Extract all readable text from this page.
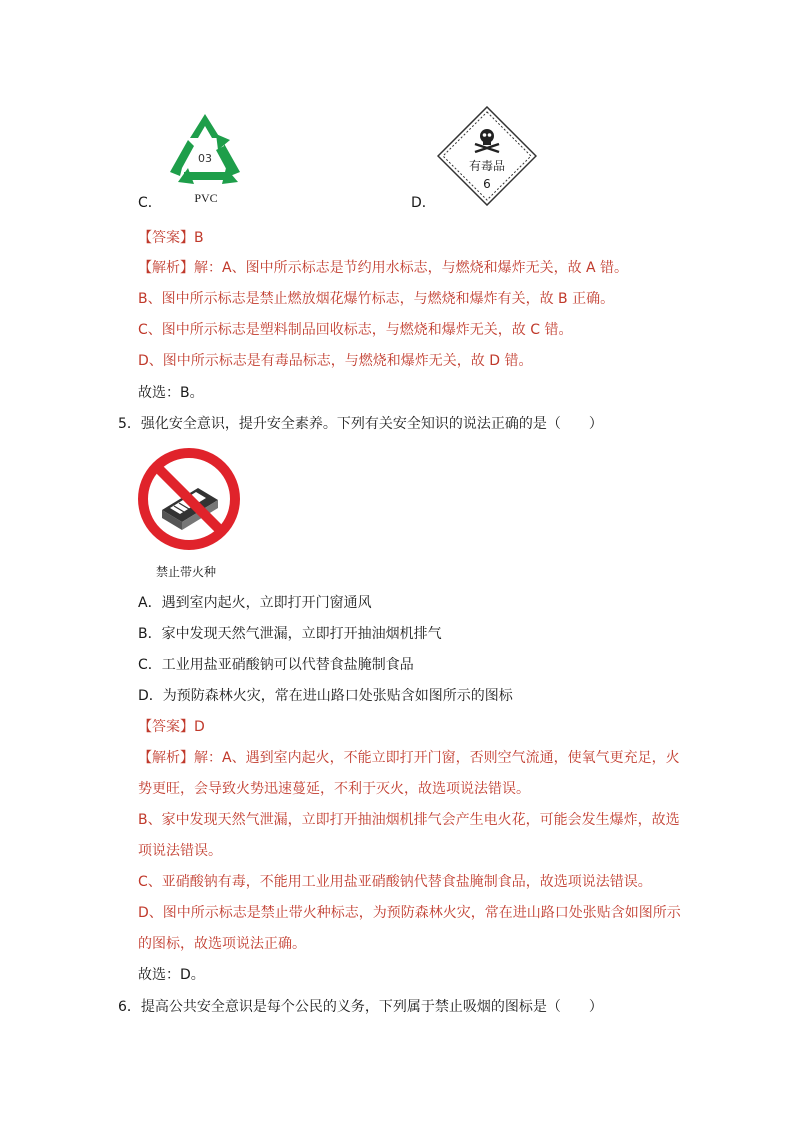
C．
03
PVC	D．
有毒品
6
【答案】B
【解析】解：A、图中所示标志是节约用水标志，与燃烧和爆炸无关，故 A 错。
B、图中所示标志是禁止燃放烟花爆竹标志，与燃烧和爆炸有关，故 B 正确。
C、图中所示标志是塑料制品回收标志，与燃烧和爆炸无关，故 C 错。
D、图中所示标志是有毒品标志，与燃烧和爆炸无关，故 D 错。
故选：B。
5．强化安全意识，提升安全素养。下列有关安全知识的说法正确的是（　　）
禁止带火种
A．遇到室内起火，立即打开门窗通风
B．家中发现天然气泄漏，立即打开抽油烟机排气
C．工业用盐亚硝酸钠可以代替食盐腌制食品
D．为预防森林火灾，常在进山路口处张贴含如图所示的图标
【答案】D
【解析】解：A、遇到室内起火，不能立即打开门窗，否则空气流通，使氧气更充足，火
势更旺，会导致火势迅速蔓延，不利于灭火，故选项说法错误。
B、家中发现天然气泄漏，立即打开抽油烟机排气会产生电火花，可能会发生爆炸，故选
项说法错误。
C、亚硝酸钠有毒，不能用工业用盐亚硝酸钠代替食盐腌制食品，故选项说法错误。
D、图中所示标志是禁止带火种标志，为预防森林火灾，常在进山路口处张贴含如图所示
的图标，故选项说法正确。
故选：D。
6．提高公共安全意识是每个公民的义务，下列属于禁止吸烟的图标是（　　）
